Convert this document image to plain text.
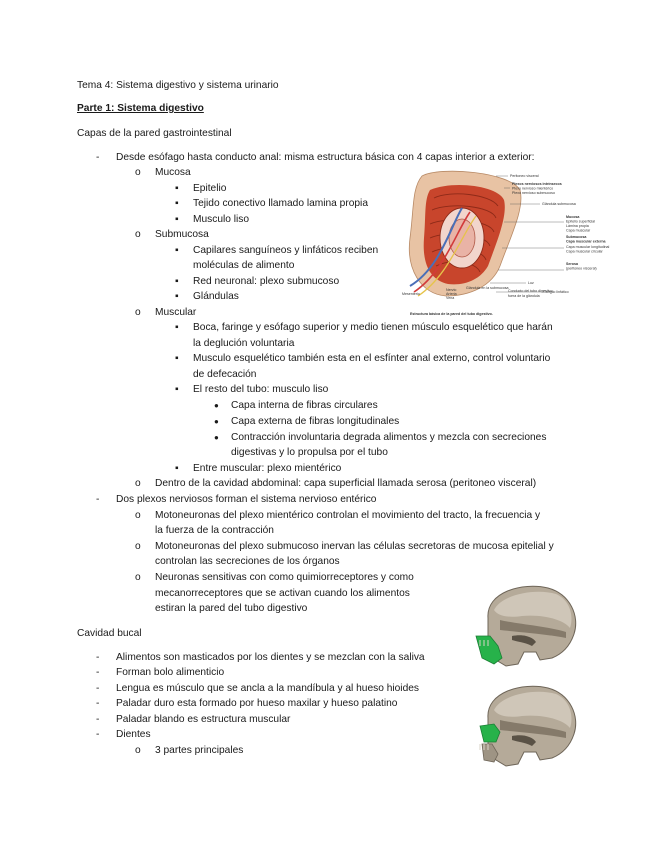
Tema 4: Sistema digestivo y sistema urinario
Parte 1: Sistema digestivo
Capas de la pared gastrointestinal
- Desde esófago hasta conducto anal: misma estructura básica con 4 capas interior a exterior:
o Mucosa
▪ Epitelio
▪ Tejido conectivo llamado lamina propia
▪ Musculo liso
o Submucosa
▪ Capilares sanguíneos y linfáticos reciben
moléculas de alimento
▪ Red neuronal: plexo submucoso
▪ Glándulas
o Muscular
▪ Boca, faringe y esófago superior y medio tienen músculo esquelético que harán
la deglución voluntaria
▪ Musculo esquelético también esta en el esfínter anal externo, control voluntario
de defecación
▪ El resto del tubo: musculo liso
● Capa interna de fibras circulares
● Capa externa de fibras longitudinales
● Contracción involuntaria degrada alimentos y mezcla con secreciones
digestivas y lo propulsa por el tubo
▪ Entre muscular: plexo mientérico
o Dentro de la cavidad abdominal: capa superficial llamada serosa (peritoneo visceral)
- Dos plexos nerviosos forman el sistema nervioso entérico
o Motoneuronas del plexo mientérico controlan el movimiento del tracto, la frecuencia y
la fuerza de la contracción
o Motoneuronas del plexo submucoso inervan las células secretoras de mucosa epitelial y
controlan las secreciones de los órganos
o Neuronas sensitivas con como quimiorreceptores y como
mecanorreceptores que se activan cuando los alimentos
estiran la pared del tubo digestivo
Cavidad bucal
- Alimentos son masticados por los dientes y se mezclan con la saliva
- Forman bolo alimenticio
- Lengua es músculo que se ancla a la mandíbula y al hueso hioides
- Paladar duro esta formado por hueso maxilar y hueso palatino
- Paladar blando es estructura muscular
- Dientes
o 3 partes principales
Peritoneo visceral
Plexos nerviosos intrínsecos
Plexo nervioso mientérico
Plexo nervioso submucoso
Glándula submucosa
Mucosa
Epitelio superficial
Lámina propia
Capa muscular
Submucosa
Capa muscular externa
Capa muscular longitudinal
Capa muscular circular
Serosa
(peritoneo visceral)
Luz
Ganglio linfático
Mesenterio
Nervio
Arteria
Vena
Glándula en la submucosa
Conducto del tubo digestivo
fuera de la glándula
Estructura básica de la pared del tubo digestivo.
